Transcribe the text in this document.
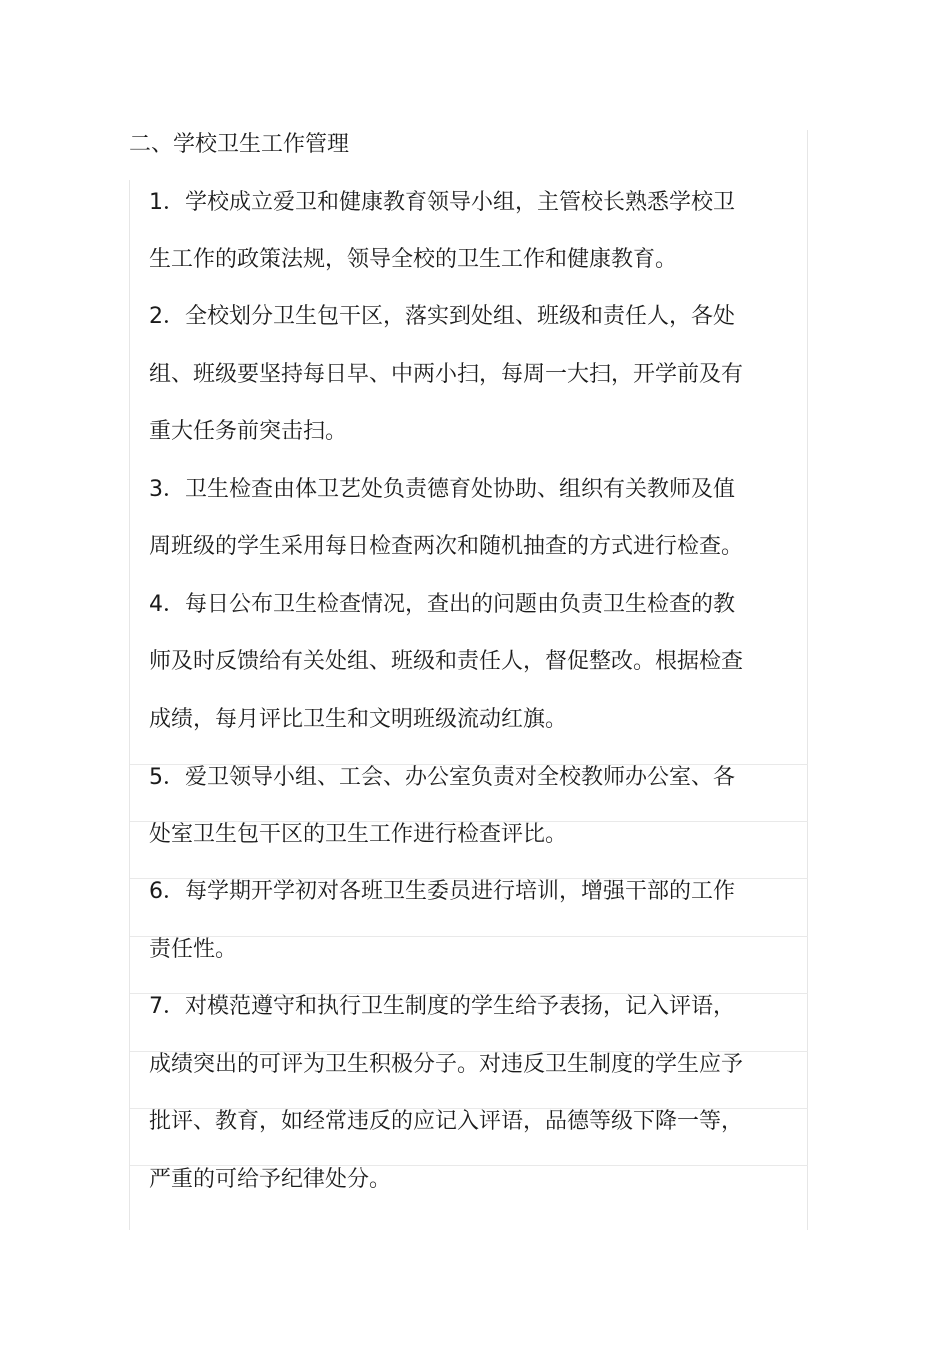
二、学校卫生工作管理
1．学校成立爱卫和健康教育领导小组，主管校长熟悉学校卫
生工作的政策法规，领导全校的卫生工作和健康教育。
2．全校划分卫生包干区，落实到处组、班级和责任人，各处
组、班级要坚持每日早、中两小扫，每周一大扫，开学前及有
重大任务前突击扫。
3．卫生检查由体卫艺处负责德育处协助、组织有关教师及值
周班级的学生采用每日检查两次和随机抽查的方式进行检查。
4．每日公布卫生检查情况，查出的问题由负责卫生检查的教
师及时反馈给有关处组、班级和责任人，督促整改。根据检查
成绩，每月评比卫生和文明班级流动红旗。
5．爱卫领导小组、工会、办公室负责对全校教师办公室、各
处室卫生包干区的卫生工作进行检查评比。
6．每学期开学初对各班卫生委员进行培训，增强干部的工作
责任性。
7．对模范遵守和执行卫生制度的学生给予表扬，记入评语，
成绩突出的可评为卫生积极分子。对违反卫生制度的学生应予
批评、教育，如经常违反的应记入评语，品德等级下降一等，
严重的可给予纪律处分。
